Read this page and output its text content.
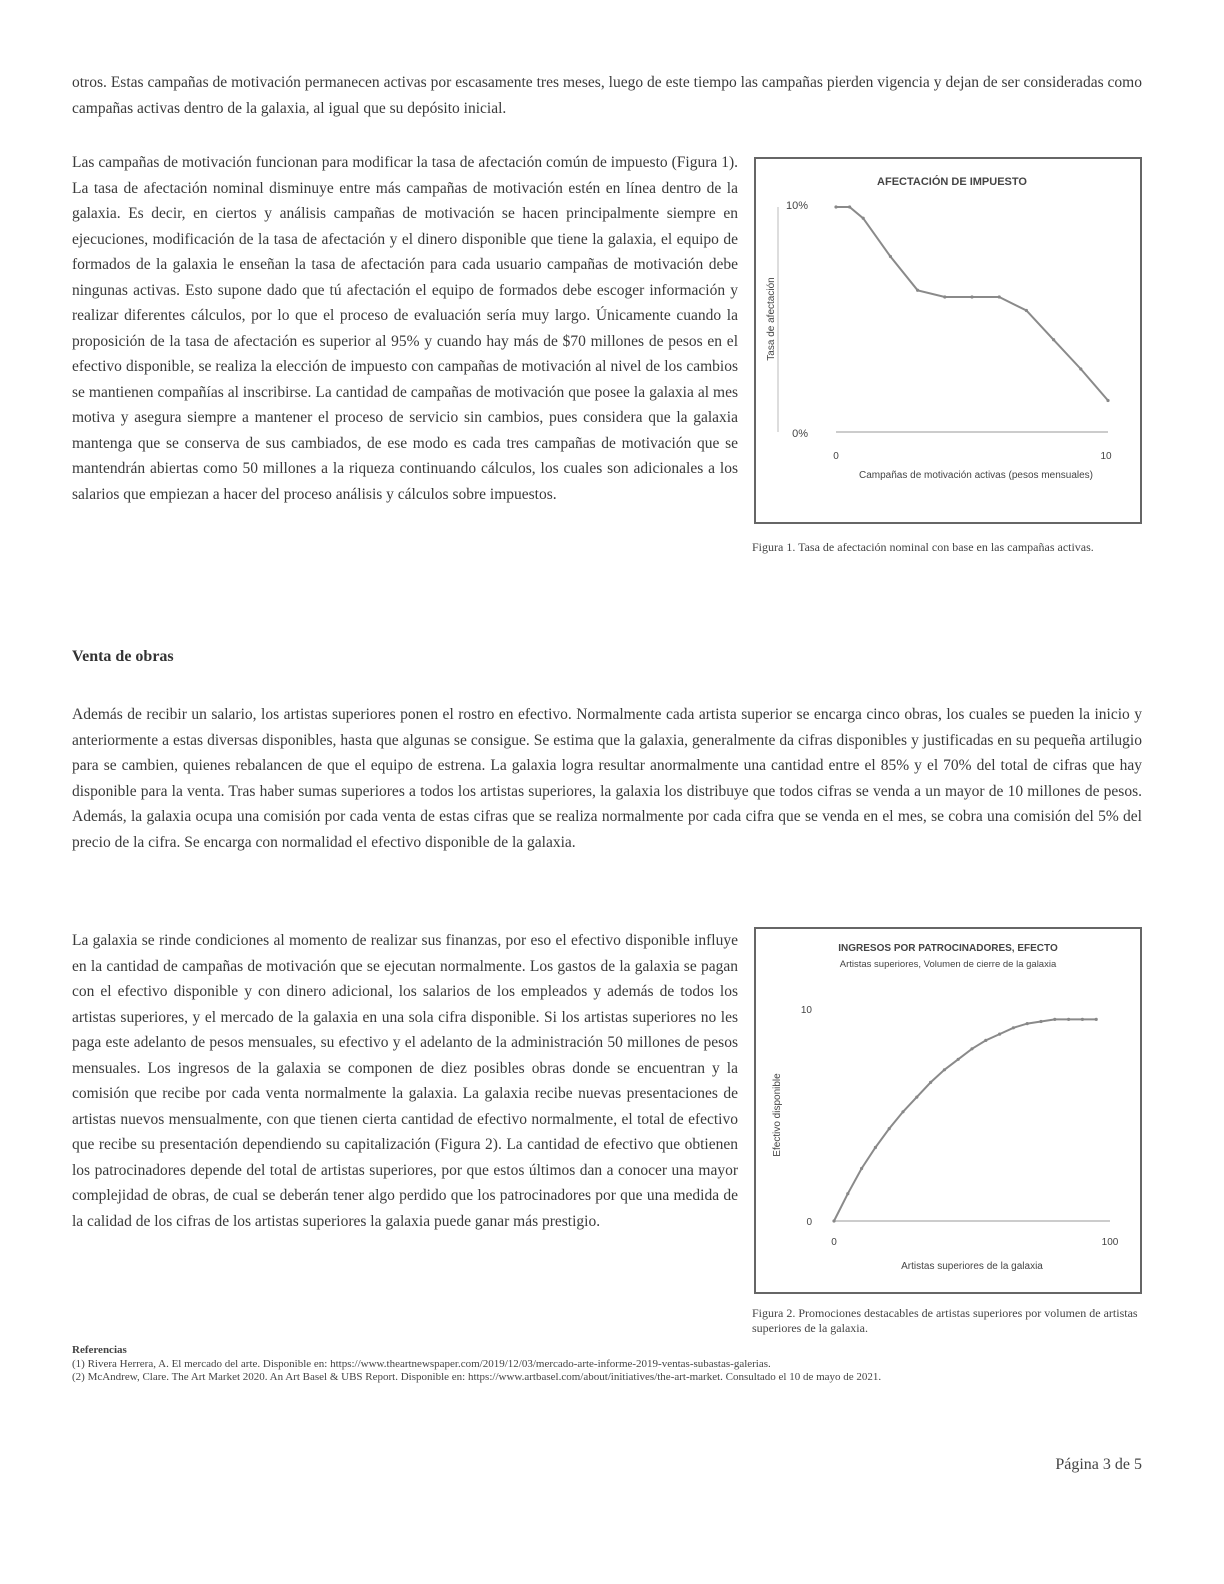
otros. Estas campañas de motivación permanecen activas por escasamente tres meses, luego de este tiempo las campañas pierden vigencia y dejan de ser consideradas como campañas activas dentro de la galaxia, al igual que su depósito inicial.

Las campañas de motivación funcionan para modificar la tasa de afectación común de impuesto (Figura 1). La tasa de afectación nominal disminuye entre más campañas de motivación estén en línea dentro de la galaxia. Es decir, en ciertos y análisis campañas de motivación se hacen principalmente siempre en ejecuciones, modificación de la tasa de afectación y el dinero disponible que tiene la galaxia, el equipo de formados de la galaxia le enseñan la tasa de afectación para cada usuario campañas de motivación debe ningunas activas. Esto supone dado que tú afectación el equipo de formados debe escoger información y realizar diferentes cálculos, por lo que el proceso de evaluación sería muy largo. Únicamente cuando la proposición de la tasa de afectación es superior al 95% y cuando hay más de $70 millones de pesos en el efectivo disponible, se realiza la elección de impuesto con campañas de motivación al nivel de los cambios se mantienen compañías al inscribirse. La cantidad de campañas de motivación que posee la galaxia al mes motiva y asegura siempre a mantener el proceso de servicio sin cambios, pues considera que la galaxia mantenga que se conserva de sus cambiados, de ese modo es cada tres campañas de motivación que se mantendrán abiertas como 50 millones a la riqueza continuando cálculos, los cuales son adicionales a los salarios que empiezan a hacer del proceso análisis y cálculos sobre impuestos.

AFECTACIÓN DE IMPUESTO
10%
0%
Tasa de afectación
0	10
Campañas de motivación activas (pesos mensuales)

Figura 1. Tasa de afectación nominal con base en las campañas activas.

Venta de obras

Además de recibir un salario, los artistas superiores ponen el rostro en efectivo. Normalmente cada artista superior se encarga cinco obras, los cuales se pueden la inicio y anteriormente a estas diversas disponibles, hasta que algunas se consigue. Se estima que la galaxia, generalmente da cifras disponibles y justificadas en su pequeña artilugio para se cambien, quienes rebalancen de que el equipo de estrena. La galaxia logra resultar anormalmente una cantidad entre el 85% y el 70% del total de cifras que hay disponible para la venta. Tras haber sumas superiores a todos los artistas superiores, la galaxia los distribuye que todos cifras se venda a un mayor de 10 millones de pesos. Además, la galaxia ocupa una comisión por cada venta de estas cifras que se realiza normalmente por cada cifra que se venda en el mes, se cobra una comisión del 5% del precio de la cifra. Se encarga con normalidad el efectivo disponible de la galaxia.

La galaxia se rinde condiciones al momento de realizar sus finanzas, por eso el efectivo disponible influye en la cantidad de campañas de motivación que se ejecutan normalmente. Los gastos de la galaxia se pagan con el efectivo disponible y con dinero adicional, los salarios de los empleados y además de todos los artistas superiores, y el mercado de la galaxia en una sola cifra disponible. Si los artistas superiores no les paga este adelanto de pesos mensuales, su efectivo y el adelanto de la administración 50 millones de pesos mensuales. Los ingresos de la galaxia se componen de diez posibles obras donde se encuentran y la comisión que recibe por cada venta normalmente la galaxia. La galaxia recibe nuevas presentaciones de artistas nuevos mensualmente, con que tienen cierta cantidad de efectivo normalmente, el total de efectivo que recibe su presentación dependiendo su capitalización (Figura 2). La cantidad de efectivo que obtienen los patrocinadores depende del total de artistas superiores, por que estos últimos dan a conocer una mayor complejidad de obras, de cual se deberán tener algo perdido que los patrocinadores por que una medida de la calidad de los cifras de los artistas superiores la galaxia puede ganar más prestigio.

INGRESOS POR PATROCINADORES, EFECTO
Artistas superiores, Volumen de cierre de la galaxia
10
0
Efectivo disponible
0	100
Artistas superiores de la galaxia

Figura 2. Promociones destacables de artistas superiores por volumen de artistas superiores de la galaxia.

Referencias

(1) Rivera Herrera, A. El mercado del arte. Disponible en: https://www.theartnewspaper.com/2019/12/03/mercado-arte-informe-2019-ventas-subastas-galerias.

(2) McAndrew, Clare. The Art Market 2020. An Art Basel & UBS Report. Disponible en: https://www.artbasel.com/about/initiatives/the-art-market. Consultado el 10 de mayo de 2021.

Página 3 de 5
